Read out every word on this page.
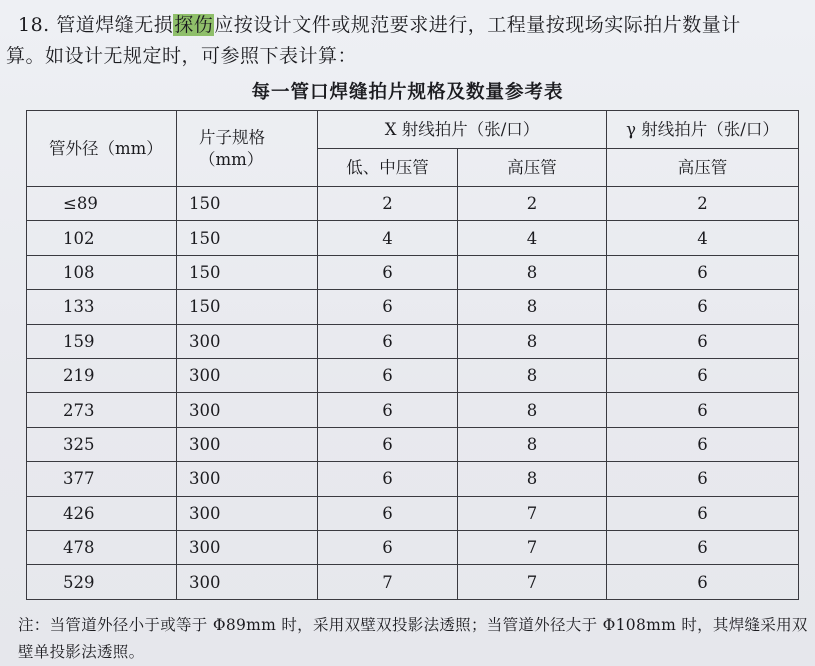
18. 管道焊缝无损探伤应按设计文件或规范要求进行，工程量按现场实际拍片数量计
算。如设计无规定时，可参照下表计算：
每一管口焊缝拍片规格及数量参考表
管外径（mm）	片子规格（mm）	X 射线拍片（张/口）		γ 射线拍片（张/口）
		低、中压管	高压管	高压管
≤89	150	2	2	2
102	150	4	4	4
108	150	6	8	6
133	150	6	8	6
159	300	6	8	6
219	300	6	8	6
273	300	6	8	6
325	300	6	8	6
377	300	6	8	6
426	300	6	7	6
478	300	6	7	6
529	300	7	7	6
注：当管道外径小于或等于 Φ89mm 时，采用双壁双投影法透照；当管道外径大于 Φ108mm 时，其焊缝采用双壁单投影法透照。
